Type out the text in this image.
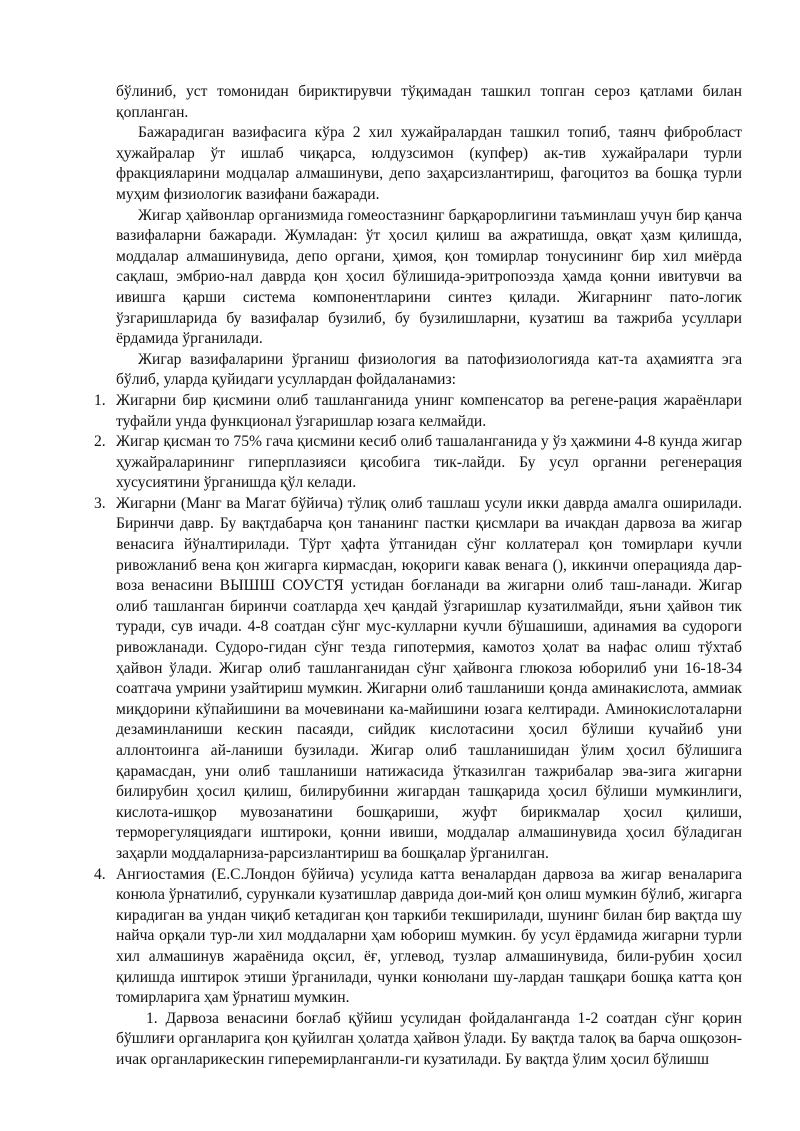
бўлиниб, уст томонидан бириктирувчи тўқимадан ташкил топган сероз қатлами билан қопланган.

Бажарадиган вазифасига кўра 2 хил хужайралардан ташкил топиб, таянч фибробласт ҳужайралар ўт ишлаб чиқарса, юлдузсимон (купфер) ак-тив хужайралари турли фракцияларини модцалар алмашинуви, депо заҳарсизлантириш, фагоцитоз ва бошқа турли муҳим физиологик вазифани бажаради.

Жигар ҳайвонлар организмида гомеостазнинг барқарорлигини таъминлаш учун бир қанча вазифаларни бажаради. Жумладан: ўт ҳосил қилиш ва ажратишда, овқат ҳазм қилишда, моддалар алмашинувида, депо органи, ҳимоя, қон томирлар тонусининг бир хил миёрда сақлаш, эмбрио-нал даврда қон ҳосил бўлишида-эритропоэзда ҳамда қонни ивитувчи ва ивишга қарши система компонентларини синтез қилади. Жигарнинг пато-логик ўзгаришларида бу вазифалар бузилиб, бу бузилишларни, кузатиш ва тажриба усуллари ёрдамида ўрганилади.

Жигар вазифаларини ўрганиш физиология ва патофизиологияда кат-та аҳамиятга эга бўлиб, уларда қуйидаги усуллардан фойдаланамиз:

1. Жигарни бир қисмини олиб ташланганида унинг компенсатор ва регене-рация жараёнлари туфайли унда функционал ўзгаришлар юзага келмайди.
2. Жигар қисман то 75% гача қисмини кесиб олиб ташаланганида у ўз ҳажмини 4-8 кунда жигар ҳужайраларининг гиперплазияси қисобига тик-лайди. Бу усул органни регенерация хусусиятини ўрганишда қўл келади.
3. Жигарни (Манг ва Магат бўйича) тўлиқ олиб ташлаш усули икки даврда амалга оширилади. Биринчи давр. Бу вақтдабарча қон тананинг пастки қисмлари ва ичакдан дарвоза ва жигар венасига йўналтирилади. Тўрт ҳафта ўтганидан сўнг коллатерал қон томирлари кучли ривожланиб вена қон жигарга кирмасдан, юқориги кавак венага (), иккинчи операцияда дар-воза венасини ВЫШШ СОУСТЯ устидан боғланади ва жигарни олиб таш-ланади. Жигар олиб ташланган биринчи соатларда ҳеч қандай ўзгаришлар кузатилмайди, яъни ҳайвон тик туради, сув ичади. 4-8 соатдан сўнг мус-кулларни кучли бўшашиши, адинамия ва судороги ривожланади. Судоро-гидан сўнг тезда гипотермия, камотоз ҳолат ва нафас олиш тўхтаб ҳайвон ўлади. Жигар олиб ташланганидан сўнг ҳайвонга глюкоза юборилиб уни 16-18-34 соатгача умрини узайтириш мумкин. Жигарни олиб ташланиши қонда аминакислота, аммиак миқдорини кўпайишини ва мочевинани ка-майишини юзага келтиради. Аминокислоталарни дезаминланиши кескин пасаяди, сийдик кислотасини ҳосил бўлиши кучайиб уни аллонтоинга ай-ланиши бузилади. Жигар олиб ташланишидан ўлим ҳосил бўлишига қарамасдан, уни олиб ташланиши натижасида ўтказилган тажрибалар эва-зига жигарни билирубин ҳосил қилиш, билирубинни жигардан ташқарида ҳосил бўлиши мумкинлиги, кислота-ишқор мувозанатини бошқариши, жуфт бирикмалар ҳосил қилиши, терморегуляциядаги иштироки, қонни ивиши, моддалар алмашинувида ҳосил бўладиган заҳарли моддаларниза-рарсизлантириш ва бошқалар ўрганилган.
4. Ангиостамия (Е.С.Лондон бўйича) усулида катта веналардан дарвоза ва жигар веналарига конюла ўрнатилиб, сурункали кузатишлар даврида дои-мий қон олиш мумкин бўлиб, жигарга кирадиган ва ундан чиқиб кетадиган қон таркиби текширилади, шунинг билан бир вақтда шу найча орқали тур-ли хил моддаларни ҳам юбориш мумкин. бу усул ёрдамида жигарни турли хил алмашинув жараёнида оқсил, ёғ, углевод, тузлар алмашинувида, били-рубин ҳосил қилишда иштирок этиши ўрганилади, чунки конюлани шу-лардан ташқари бошқа катта қон томирларига ҳам ўрнатиш мумкин.

1. Дарвоза венасини боғлаб қўйиш усулидан фойдаланганда 1-2 соатдан сўнг қорин бўшлиғи органларига қон қуйилган ҳолатда ҳайвон ўлади. Бу вақтда талоқ ва барча ошқозон-ичак органларикескин гиперемирланганли-ги кузатилади. Бу вақтда ўлим ҳосил бўлишш
